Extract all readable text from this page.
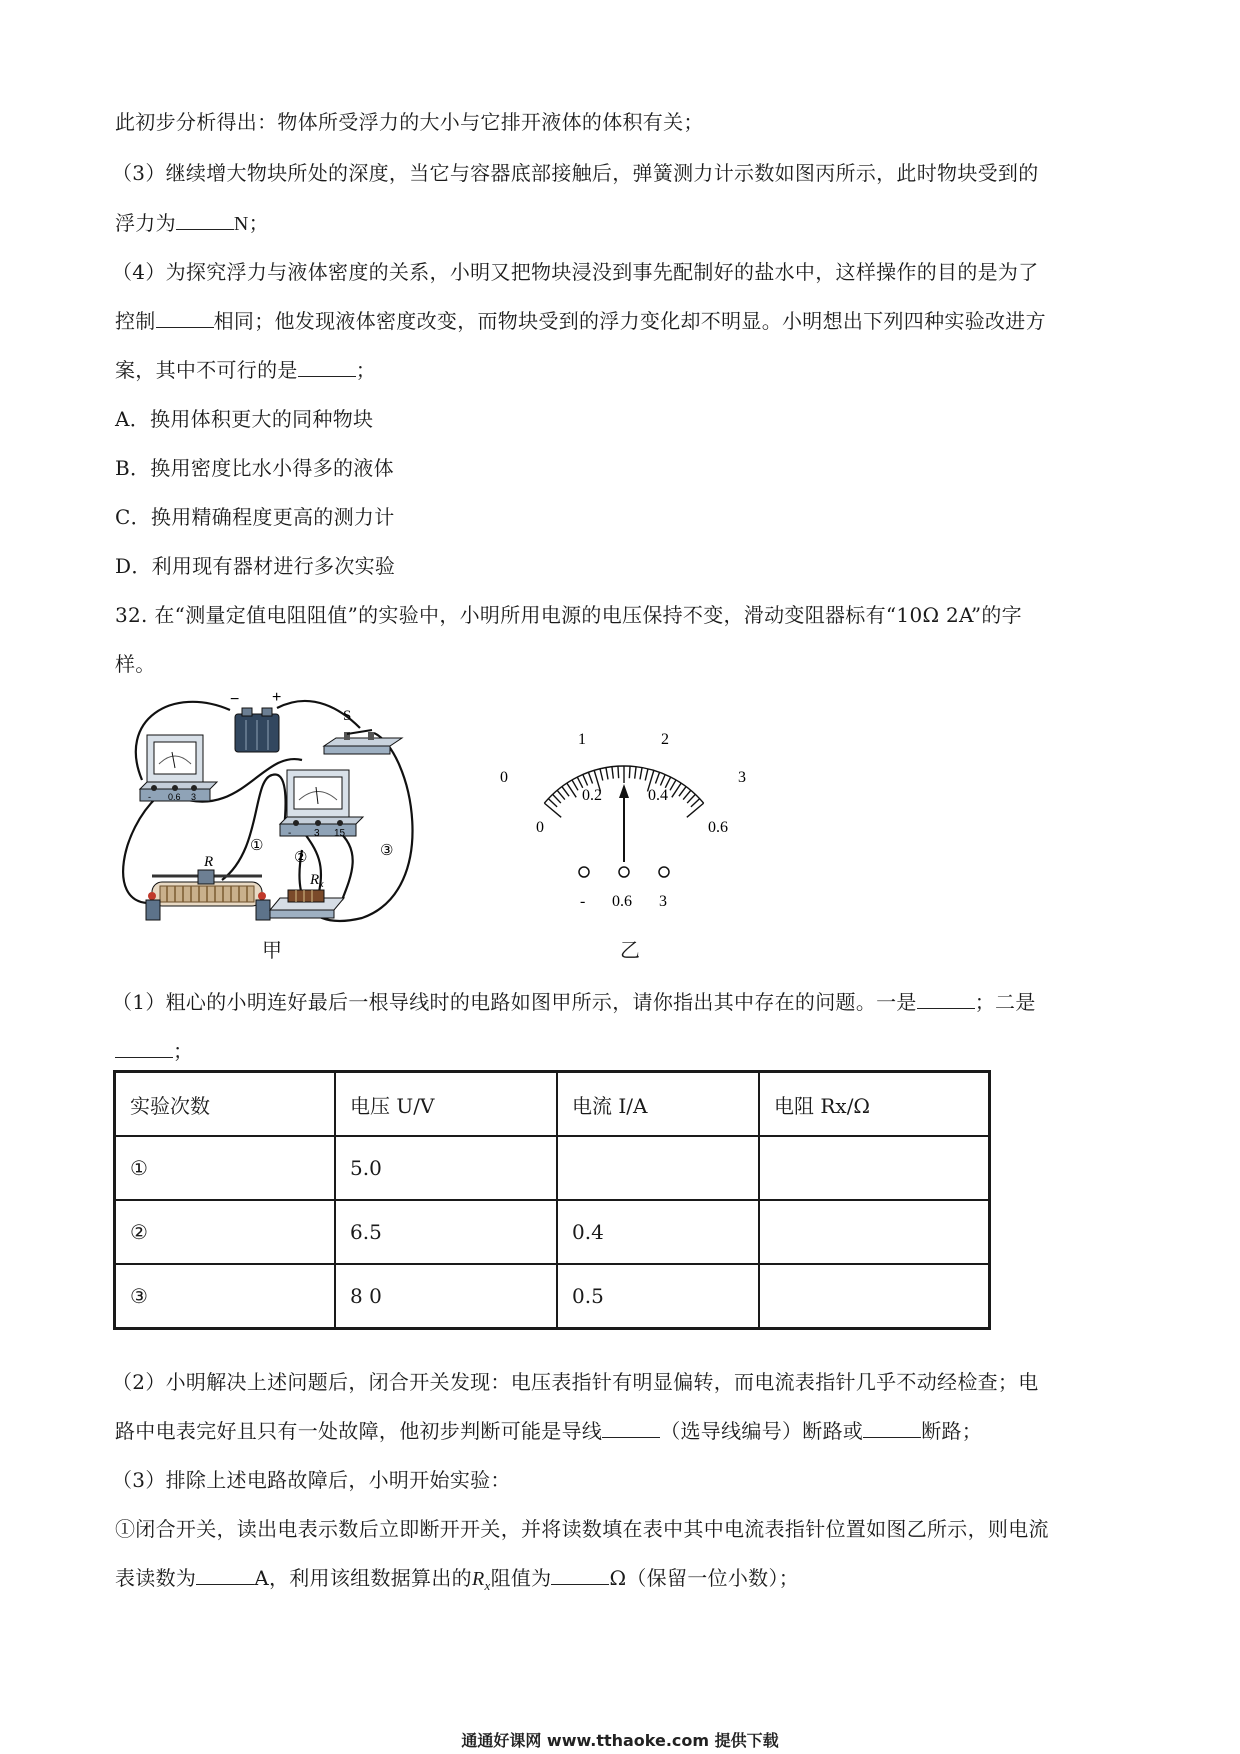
此初步分析得出：物体所受浮力的大小与它排开液体的体积有关；
（3）继续增大物块所处的深度，当它与容器底部接触后，弹簧测力计示数如图丙所示，此时物块受到的
浮力为	N；
（4）为探究浮力与液体密度的关系，小明又把物块浸没到事先配制好的盐水中，这样操作的目的是为了
控制	相同；他发现液体密度改变，而物块受到的浮力变化却不明显。小明想出下列四种实验改进方
案，其中不可行的是	；
A．换用体积更大的同种物块
B．换用密度比水小得多的液体
C．换用精确程度更高的测力计
D．利用现有器材进行多次实验
32. 在“测量定值电阻阻值”的实验中，小明所用电源的电压保持不变，滑动变阻器标有“10Ω 2A”的字
样。
− +
S
- 0.6 3
- 3 15
①
②	③
R
$R_x$
甲
0
1	2
3
0
0.2	0.4
0.6
- 0.6 3
乙
（1）粗心的小明连好最后一根导线时的电路如图甲所示，请你指出其中存在的问题。一是	；二是
；
实验次数	电压 U/V	电流 I/A	电阻 Rx/Ω
①	5.0		
②	6.5	0.4	
③	8 0	0.5	
（2）小明解决上述问题后，闭合开关发现：电压表指针有明显偏转，而电流表指针几乎不动经检查；电
路中电表完好且只有一处故障，他初步判断可能是导线	（选导线编号）断路或	断路；
（3）排除上述电路故障后，小明开始实验：
①闭合开关，读出电表示数后立即断开开关，并将读数填在表中其中电流表指针位置如图乙所示，则电流
表读数为	A，利用该组数据算出的$R_x$阻值为	Ω（保留一位小数）；
通通好课网 www.tthaoke.com 提供下载
